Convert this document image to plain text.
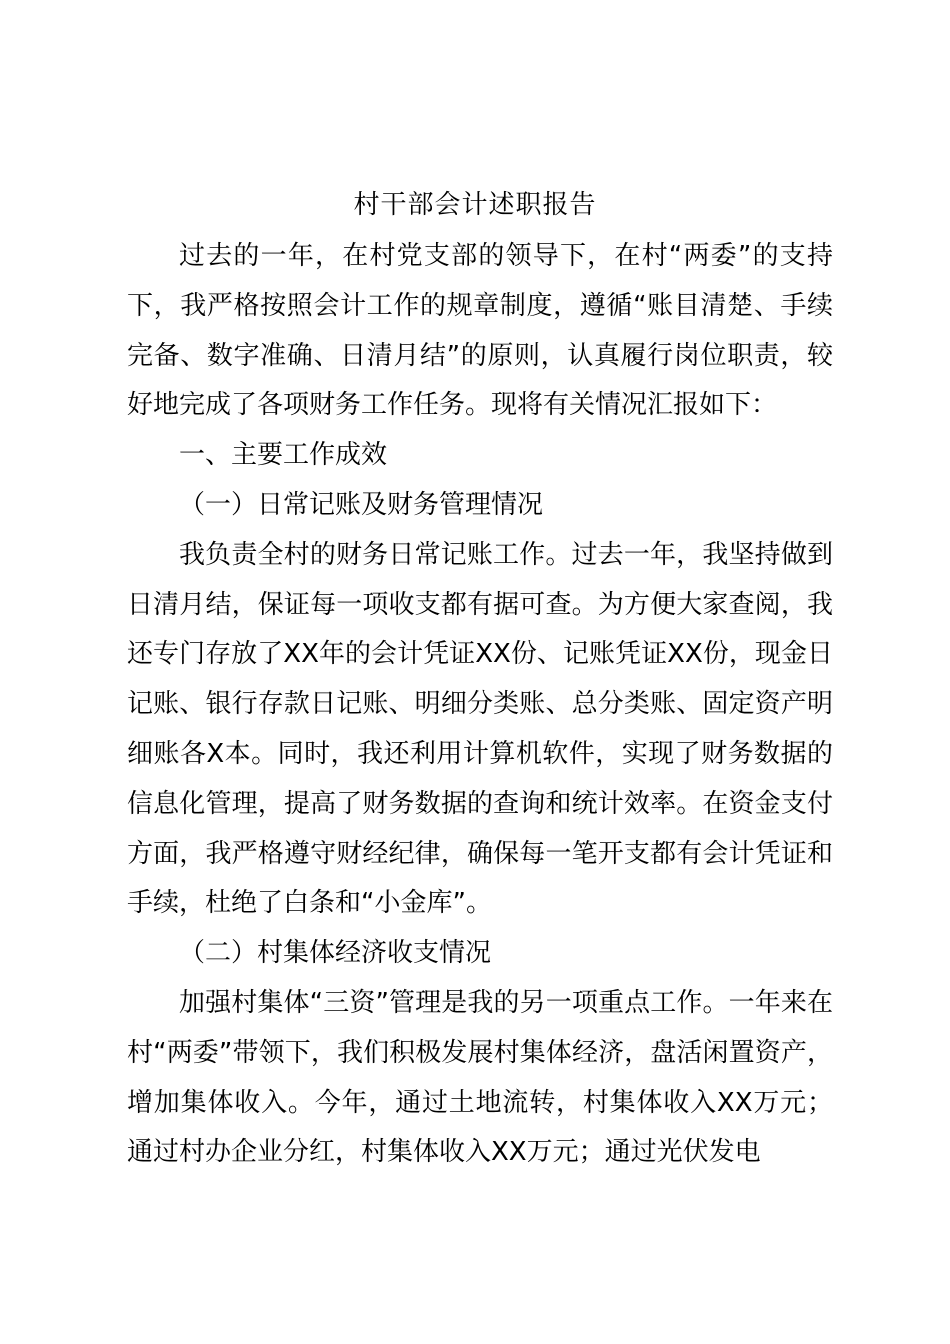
村干部会计述职报告

过去的一年，在村党支部的领导下，在村“两委”的支持下，我严格按照会计工作的规章制度，遵循“账目清楚、手续完备、数字准确、日清月结”的原则，认真履行岗位职责，较好地完成了各项财务工作任务。现将有关情况汇报如下：

一、主要工作成效

（一）日常记账及财务管理情况

我负责全村的财务日常记账工作。过去一年，我坚持做到日清月结，保证每一项收支都有据可查。为方便大家查阅，我还专门存放了XX年的会计凭证XX份、记账凭证XX份，现金日记账、银行存款日记账、明细分类账、总分类账、固定资产明细账各X本。同时，我还利用计算机软件，实现了财务数据的信息化管理，提高了财务数据的查询和统计效率。在资金支付方面，我严格遵守财经纪律，确保每一笔开支都有会计凭证和手续，杜绝了白条和“小金库”。

（二）村集体经济收支情况

加强村集体“三资”管理是我的另一项重点工作。一年来在村“两委”带领下，我们积极发展村集体经济，盘活闲置资产，增加集体收入。今年，通过土地流转，村集体收入XX万元；通过村办企业分红，村集体收入XX万元；通过光伏发电
